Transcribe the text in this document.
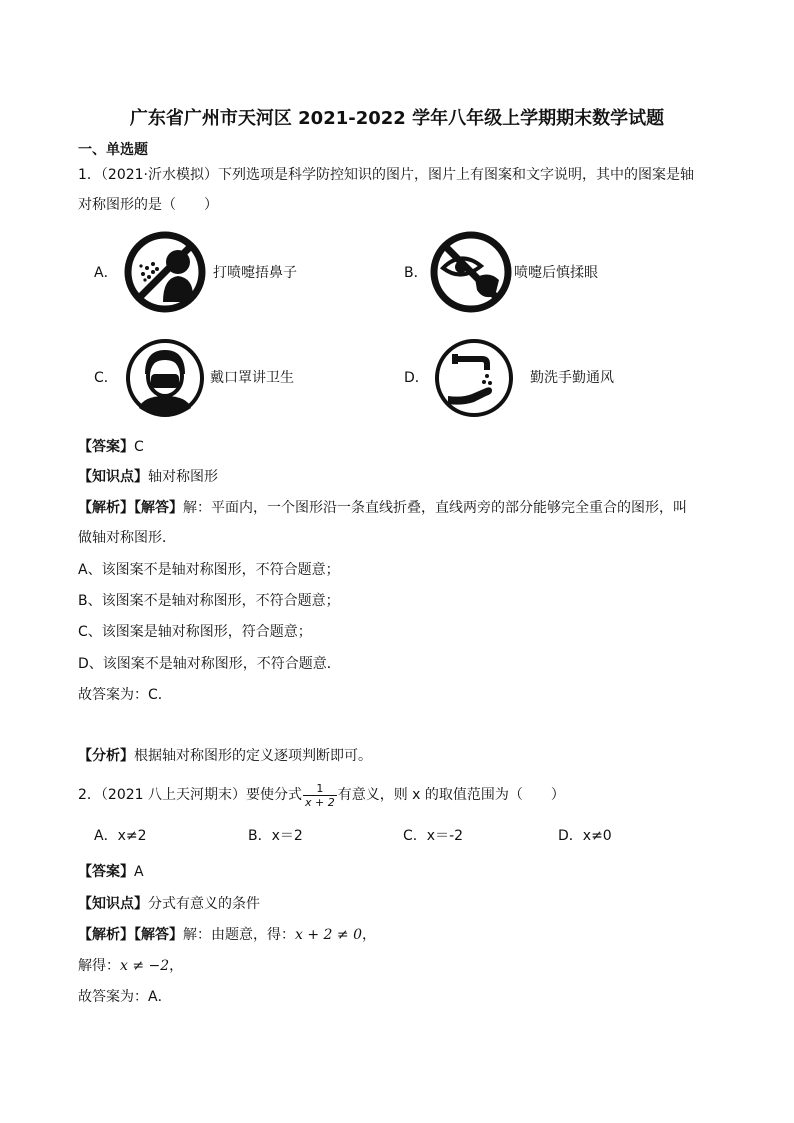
广东省广州市天河区 2021-2022 学年八年级上学期期末数学试题
一、单选题
1．（2021·沂水模拟）下列选项是科学防控知识的图片，图片上有图案和文字说明，其中的图案是轴
对称图形的是（　　）
A．	打喷嚏捂鼻子	B．	喷嚏后慎揉眼
C．	戴口罩讲卫生	D．	勤洗手勤通风
【答案】C
【知识点】轴对称图形
【解析】【解答】解：平面内，一个图形沿一条直线折叠，直线两旁的部分能够完全重合的图形，叫
做轴对称图形．
A、该图案不是轴对称图形，不符合题意；
B、该图案不是轴对称图形，不符合题意；
C、该图案是轴对称图形，符合题意；
D、该图案不是轴对称图形，不符合题意．
故答案为：C．
【分析】根据轴对称图形的定义逐项判断即可。
2．（2021 八上天河期末）要使分式 $\frac{1}{x + 2}$ 有意义，则 x 的取值范围为（　　）
A．x≠2	B．x＝2	C．x＝-2	D．x≠0
【答案】A
【知识点】分式有意义的条件
【解析】【解答】解：由题意，得：x + 2 ≠ 0，
解得：x ≠ −2，
故答案为：A．
